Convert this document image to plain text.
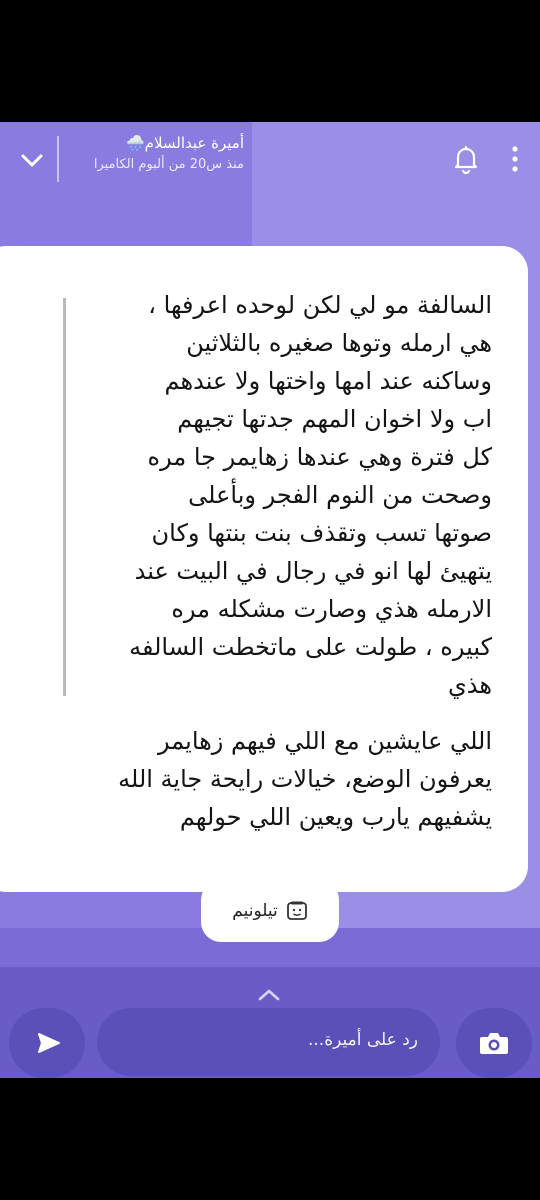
أميرة عبدالسلام🌧️
منذ س20 من ألبوم الكاميرا
السالفة مو لي لكن لوحده اعرفها ،
هي ارمله وتوها صغيره بالثلاثين
وساكنه عند امها واختها ولا عندهم
اب ولا اخوان المهم جدتها تجيهم
كل فترة وهي عندها زهايمر جا مره
وصحت من النوم الفجر وبأعلى
صوتها تسب وتقذف بنت بنتها وكان
يتهيئ لها انو في رجال في البيت عند
الارمله هذي وصارت مشكله مره
كبيره ، طولت على ماتخطت السالفه
هذي
اللي عايشين مع اللي فيهم زهايمر
يعرفون الوضع، خيالات رايحة جاية الله
يشفيهم يارب ويعين اللي حولهم
تيلونيم
رد على أميرة...
